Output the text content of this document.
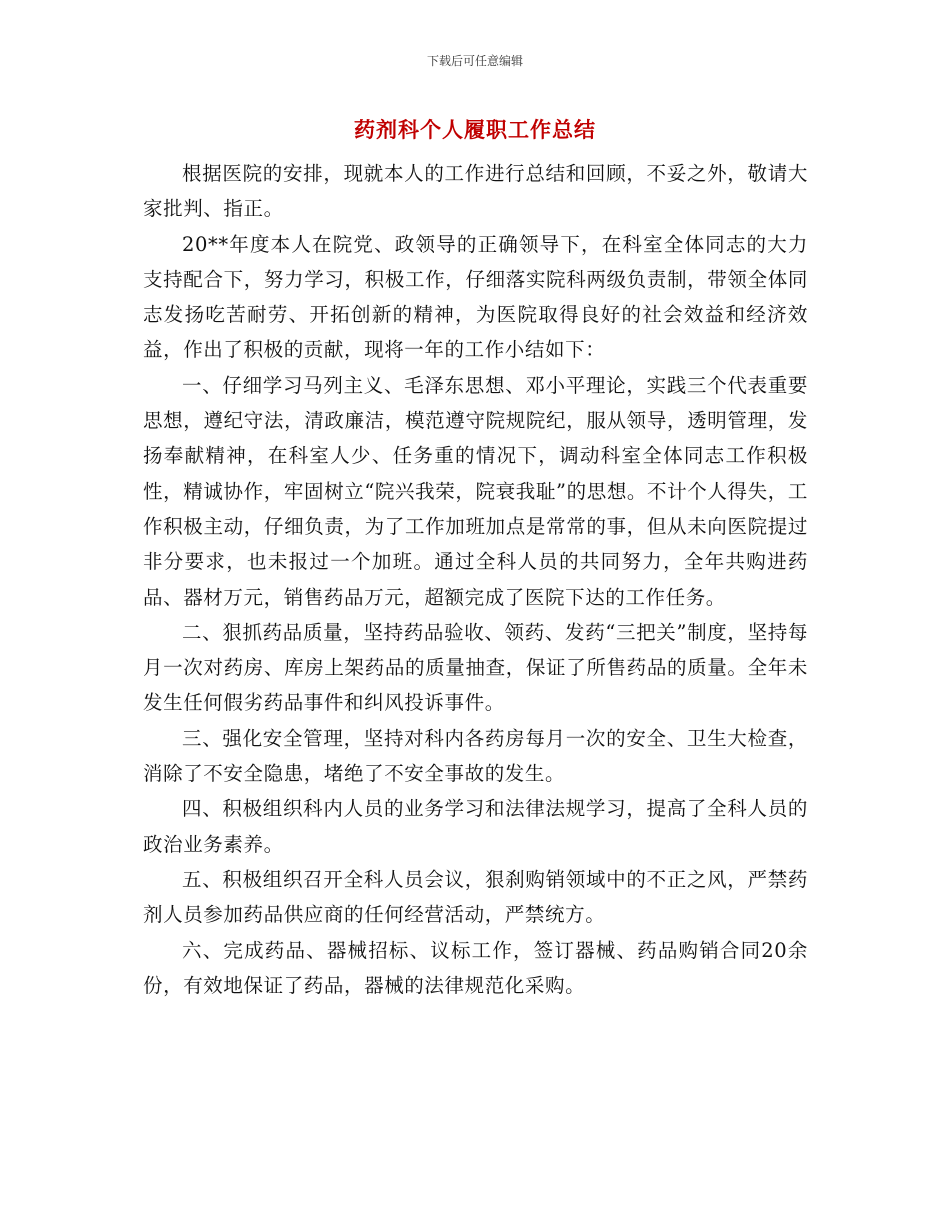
下载后可任意编辑
药剂科个人履职工作总结

根据医院的安排，现就本人的工作进行总结和回顾，不妥之外，敬请大家批判、指正。

20**年度本人在院党、政领导的正确领导下，在科室全体同志的大力支持配合下，努力学习，积极工作，仔细落实院科两级负责制，带领全体同志发扬吃苦耐劳、开拓创新的精神，为医院取得良好的社会效益和经济效益，作出了积极的贡献，现将一年的工作小结如下：

一、仔细学习马列主义、毛泽东思想、邓小平理论，实践三个代表重要思想，遵纪守法，清政廉洁，模范遵守院规院纪，服从领导，透明管理，发扬奉献精神，在科室人少、任务重的情况下，调动科室全体同志工作积极性，精诚协作，牢固树立“院兴我荣，院衰我耻”的思想。不计个人得失，工作积极主动，仔细负责，为了工作加班加点是常常的事，但从未向医院提过非分要求，也未报过一个加班。通过全科人员的共同努力，全年共购进药品、器材万元，销售药品万元，超额完成了医院下达的工作任务。

二、狠抓药品质量，坚持药品验收、领药、发药“三把关”制度，坚持每月一次对药房、库房上架药品的质量抽查，保证了所售药品的质量。全年未发生任何假劣药品事件和纠风投诉事件。

三、强化安全管理，坚持对科内各药房每月一次的安全、卫生大检查，消除了不安全隐患，堵绝了不安全事故的发生。

四、积极组织科内人员的业务学习和法律法规学习，提高了全科人员的政治业务素养。

五、积极组织召开全科人员会议，狠刹购销领域中的不正之风，严禁药剂人员参加药品供应商的任何经营活动，严禁统方。

六、完成药品、器械招标、议标工作，签订器械、药品购销合同20余份，有效地保证了药品，器械的法律规范化采购。
